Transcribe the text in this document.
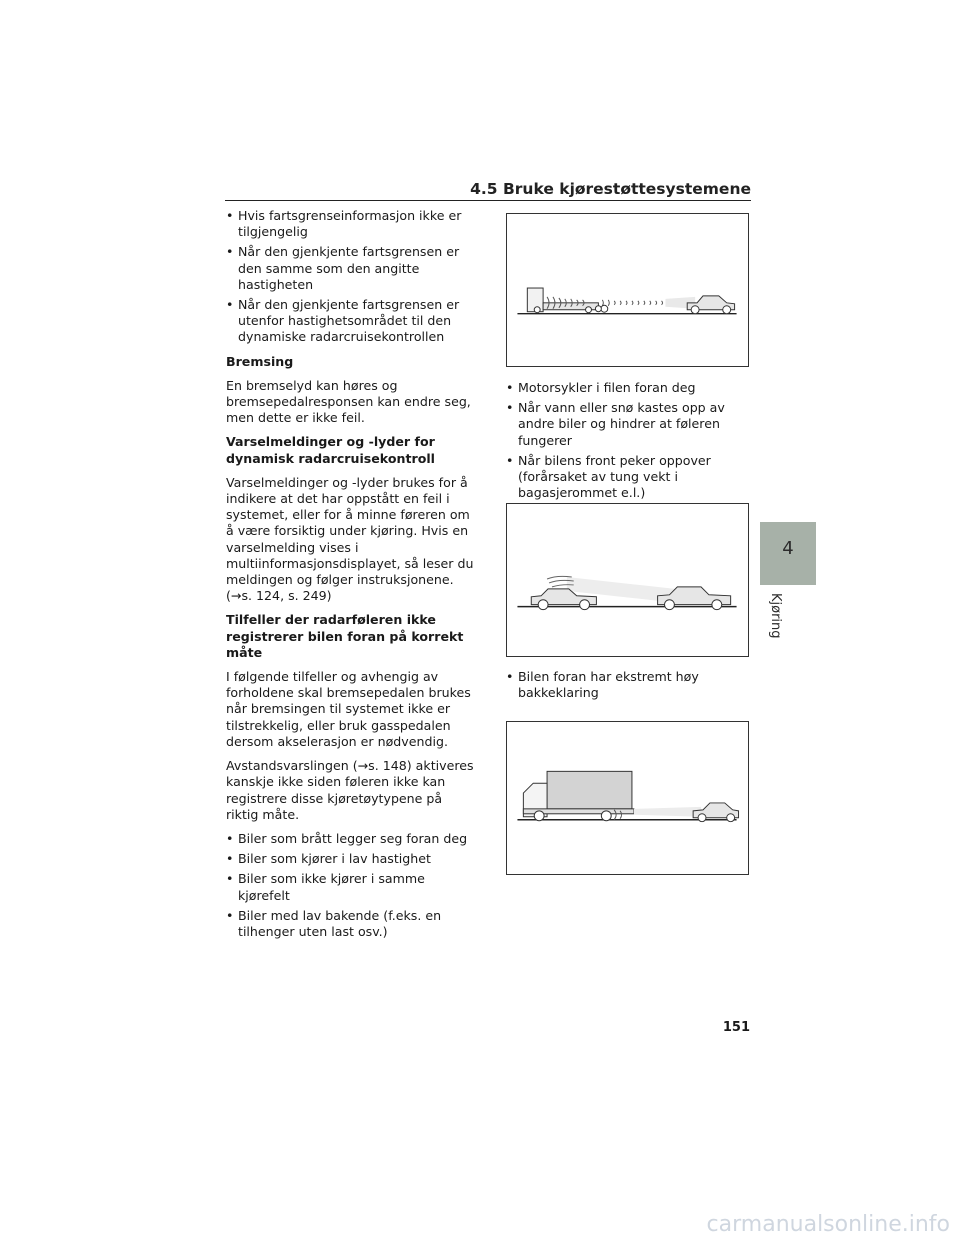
4.5 Bruke kjørestøttesystemene
• Hvis fartsgrenseinformasjon ikke er tilgjengelig
• Når den gjenkjente fartsgrensen er den samme som den angitte hastigheten
• Når den gjenkjente fartsgrensen er utenfor hastighetsområdet til den dynamiske radarcruisekontrollen
Bremsing

En bremselyd kan høres og bremsepedalresponsen kan endre seg, men dette er ikke feil.

Varselmeldinger og -lyder for dynamisk radarcruisekontroll

Varselmeldinger og -lyder brukes for å indikere at det har oppstått en feil i systemet, eller for å minne føreren om å være forsiktig under kjøring. Hvis en varselmelding vises i multiinformasjonsdisplayet, så leser du meldingen og følger instruksjonene. (→s. 124, s. 249)

Tilfeller der radarføleren ikke registrerer bilen foran på korrekt måte

I følgende tilfeller og avhengig av forholdene skal bremsepedalen brukes når bremsingen til systemet ikke er tilstrekkelig, eller bruk gasspedalen dersom akselerasjon er nødvendig.

Avstandsvarslingen (→s. 148) aktiveres kanskje ikke siden føleren ikke kan registrere disse kjøretøytypene på riktig måte.

• Biler som brått legger seg foran deg
• Biler som kjører i lav hastighet
• Biler som ikke kjører i samme kjørefelt
• Biler med lav bakende (f.eks. en tilhenger uten last osv.)
• Motorsykler i filen foran deg
• Når vann eller snø kastes opp av andre biler og hindrer at føleren fungerer
• Når bilens front peker oppover (forårsaket av tung vekt i bagasjerommet e.l.)
• Bilen foran har ekstremt høy bakkeklaring
4
Kjøring
151
carmanualsonline.info
